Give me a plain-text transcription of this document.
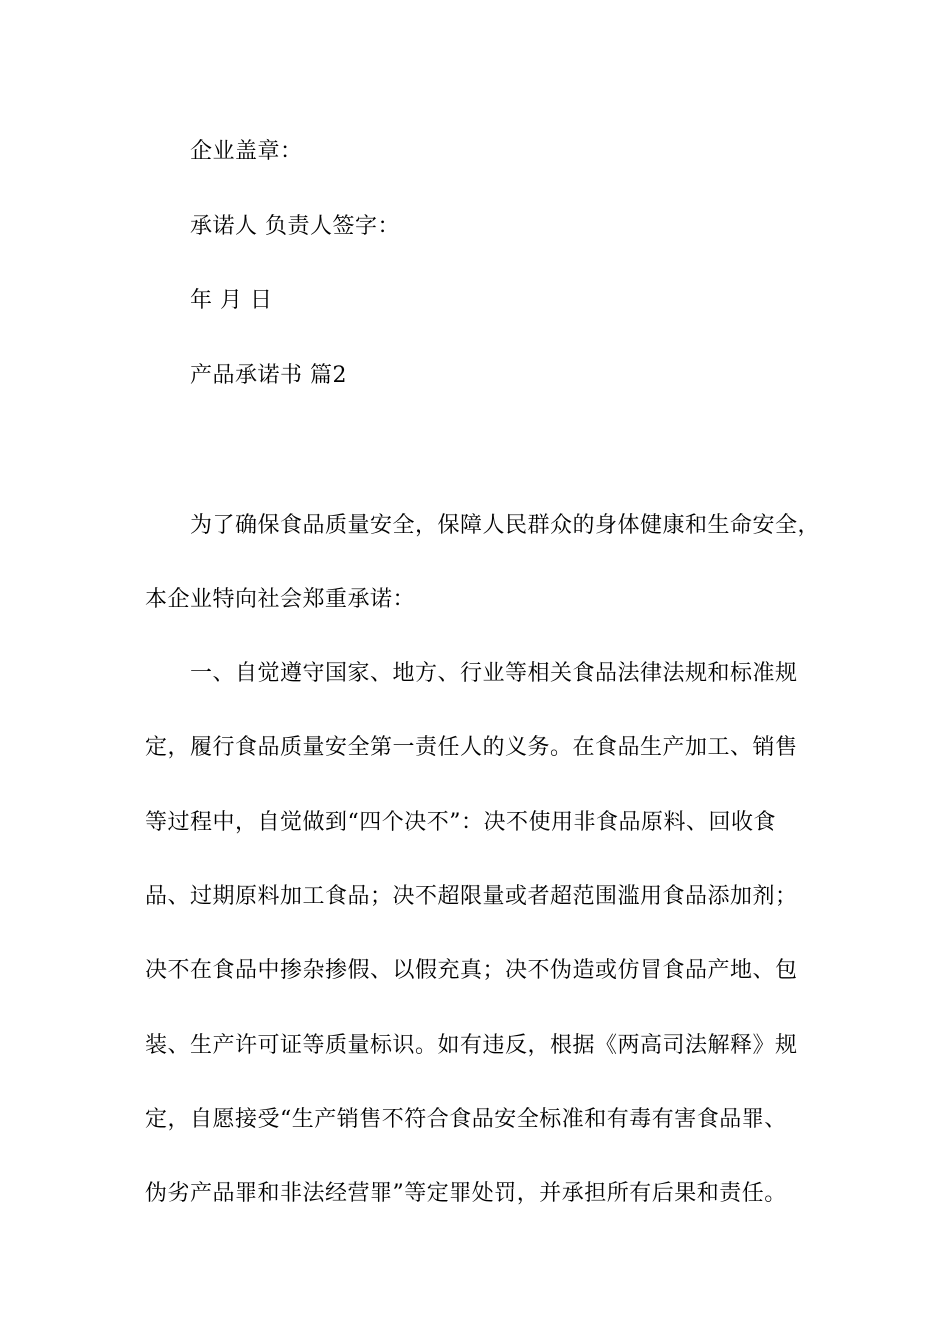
企业盖章：
承诺人 负责人签字：
年 月 日
产品承诺书 篇2
为了确保食品质量安全，保障人民群众的身体健康和生命安全，
本企业特向社会郑重承诺：
一、自觉遵守国家、地方、行业等相关食品法律法规和标准规
定，履行食品质量安全第一责任人的义务。在食品生产加工、销售
等过程中，自觉做到“四个决不”：决不使用非食品原料、回收食
品、过期原料加工食品；决不超限量或者超范围滥用食品添加剂；
决不在食品中掺杂掺假、以假充真；决不伪造或仿冒食品产地、包
装、生产许可证等质量标识。如有违反，根据《两高司法解释》规
定，自愿接受“生产销售不符合食品安全标准和有毒有害食品罪、
伪劣产品罪和非法经营罪”等定罪处罚，并承担所有后果和责任。
